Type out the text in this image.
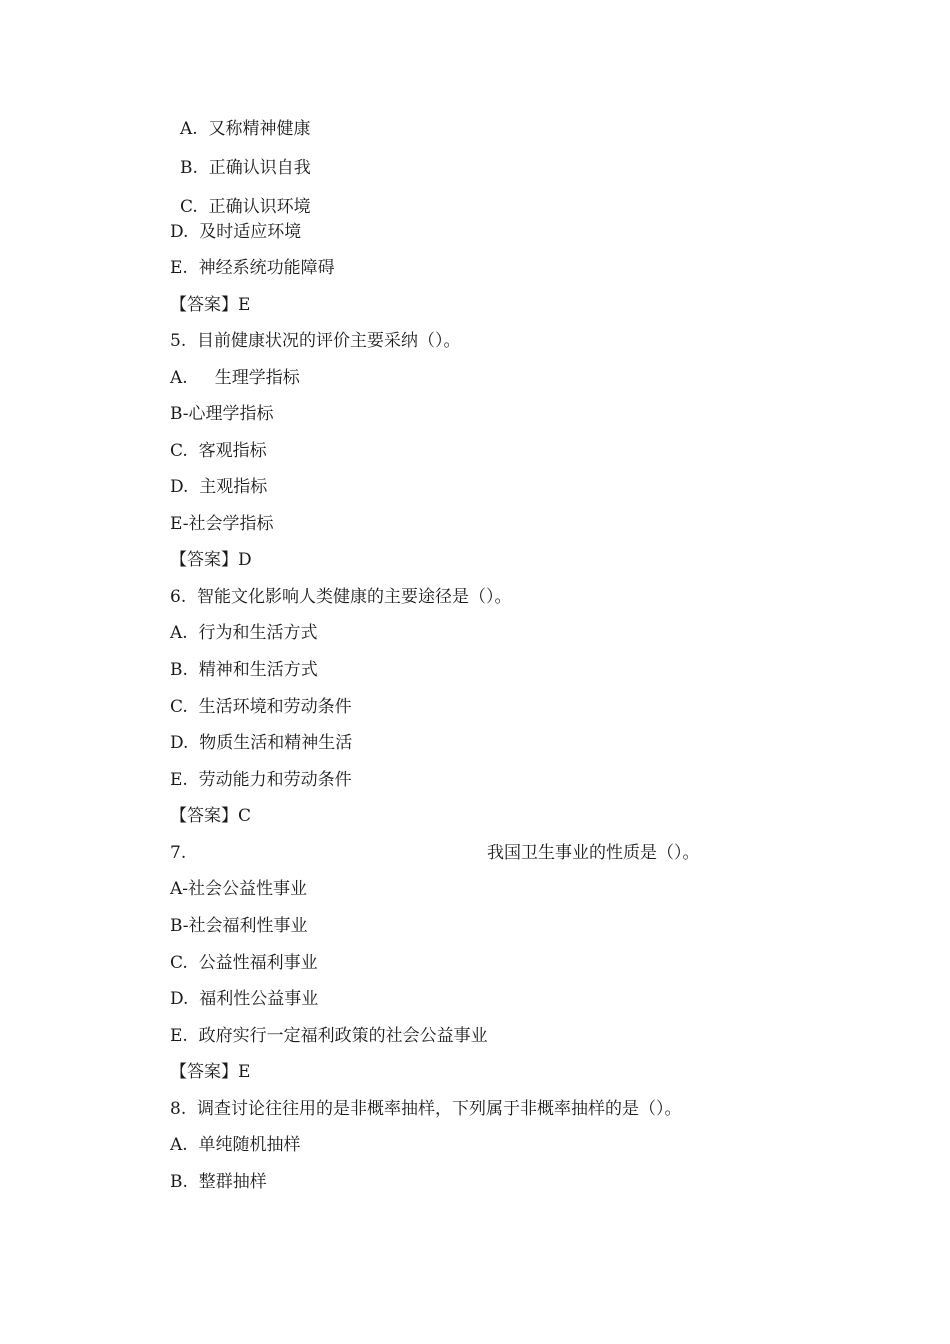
A.  又称精神健康
B.  正确认识自我
C.  正确认识环境
D.  及时适应环境
E.  神经系统功能障碍
【答案】E
5.  目前健康状况的评价主要采纳（）。
A.     生理学指标
B-心理学指标
C.  客观指标
D.  主观指标
E-社会学指标
【答案】D
6.  智能文化影响人类健康的主要途径是（）。
A.  行为和生活方式
B.  精神和生活方式
C.  生活环境和劳动条件
D.  物质生活和精神生活
E.  劳动能力和劳动条件
【答案】C
7.	我国卫生事业的性质是（）。
A-社会公益性事业
B-社会福利性事业
C.  公益性福利事业
D.  福利性公益事业
E.  政府实行一定福利政策的社会公益事业
【答案】E
8.  调查讨论往往用的是非概率抽样，下列属于非概率抽样的是（）。
A.  单纯随机抽样
B.  整群抽样
